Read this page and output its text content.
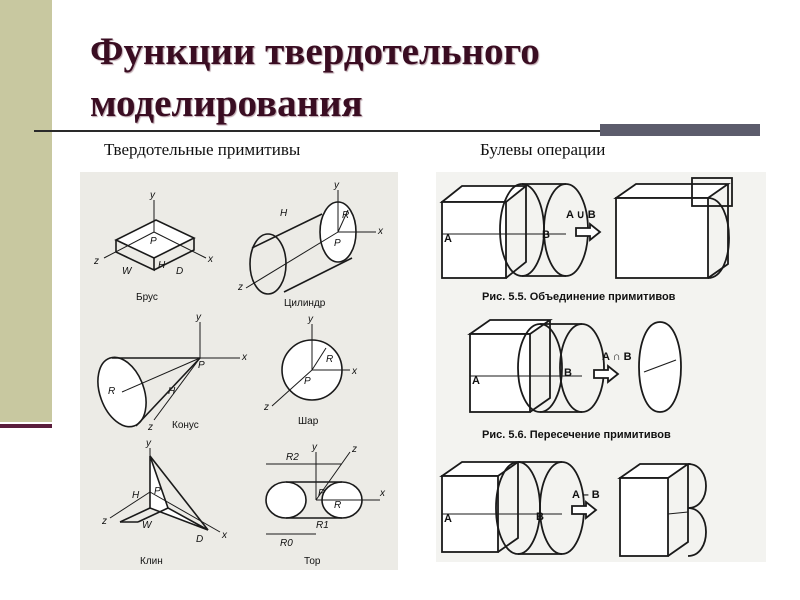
Функции твердотельного
моделирования

Твердотельные примитивы	Булевы операции

y
x
z
P
W	D
H
Брус
y
x
z
P
R
H
Цилиндр
y
x
z
P
R	H
Конус
y
x
z
P
R
Шар
y
x
z
P
H
W
D
Клин
y
x
z
P
R2
R0
R1
R
Тор
A	B
A ∪ B
Рис. 5.5. Объединение примитивов
A
B
A ∩ B
Рис. 5.6. Пересечение примитивов
A	B
A – B
